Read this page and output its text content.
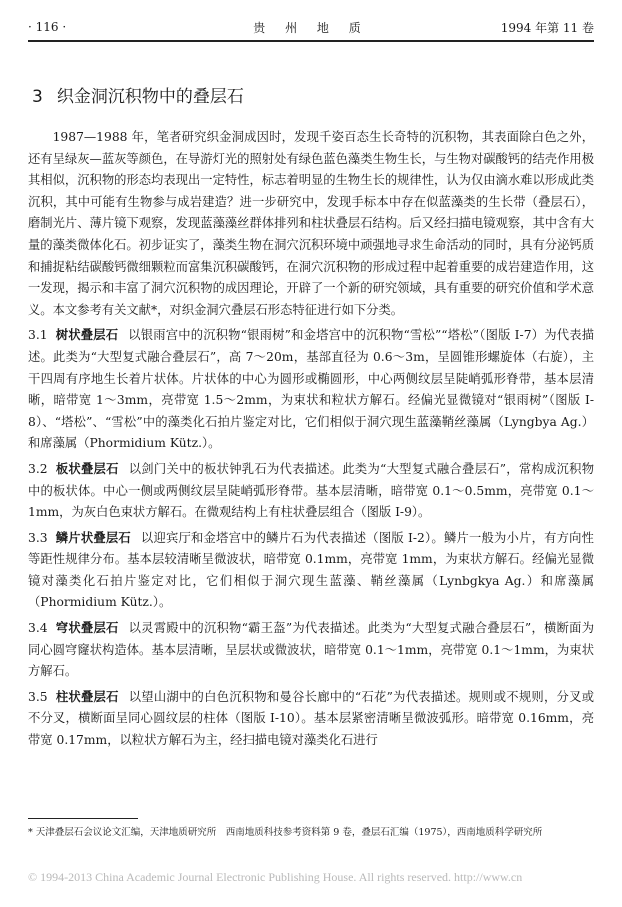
· 116 ·	贵 州 地 质	1994 年第 11 卷
3 织金洞沉积物中的叠层石

1987—1988 年，笔者研究织金洞成因时，发现千姿百态生长奇特的沉积物，其表面除白色之外，还有呈绿灰—蓝灰等颜色，在导游灯光的照射处有绿色蓝色藻类生物生长，与生物对碳酸钙的结壳作用极其相似，沉积物的形态均表现出一定特性，标志着明显的生物生长的规律性，认为仅由滴水难以形成此类沉积，其中可能有生物参与成岩建造？进一步研究中，发现手标本中存在似蓝藻类的生长带（叠层石），磨制光片、薄片镜下观察，发现蓝藻藻丝群体排列和柱状叠层石结构。后又经扫描电镜观察，其中含有大量的藻类微体化石。初步证实了，藻类生物在洞穴沉积环境中顽强地寻求生命活动的同时，具有分泌钙质和捕捉粘结碳酸钙微细颗粒而富集沉积碳酸钙，在洞穴沉积物的形成过程中起着重要的成岩建造作用，这一发现，揭示和丰富了洞穴沉积物的成因理论，开辟了一个新的研究领域，具有重要的研究价值和学术意义。本文参考有关文献*，对织金洞穴叠层石形态特征进行如下分类。

3.1 树状叠层石 以银雨宫中的沉积物“银雨树”和金塔宫中的沉积物“雪松”“塔松”（图版 I-7）为代表描述。此类为“大型复式融合叠层石”，高 7～20m，基部直径为 0.6～3m，呈圆锥形螺旋体（右旋），主干四周有序地生长着片状体。片状体的中心为圆形或椭圆形，中心两侧纹层呈陡峭弧形脊带，基本层清晰，暗带宽 1～3mm，亮带宽 1.5～2mm，为束状和粒状方解石。经偏光显微镜对“银雨树”（图版 I-8）、“塔松”、“雪松”中的藻类化石拍片鉴定对比，它们相似于洞穴现生蓝藻鞘丝藻属（Lyngbya Ag.）和席藻属（Phormidium Kütz.）。

3.2 板状叠层石 以剑门关中的板状钟乳石为代表描述。此类为“大型复式融合叠层石”，常构成沉积物中的板状体。中心一侧或两侧纹层呈陡峭弧形脊带。基本层清晰，暗带宽 0.1～0.5mm，亮带宽 0.1～1mm，为灰白色束状方解石。在微观结构上有柱状叠层组合（图版 I-9）。

3.3 鳞片状叠层石 以迎宾厅和金塔宫中的鳞片石为代表描述（图版 I-2）。鳞片一般为小片，有方向性等距性规律分布。基本层较清晰呈微波状，暗带宽 0.1mm，亮带宽 1mm，为束状方解石。经偏光显微镜对藻类化石拍片鉴定对比，它们相似于洞穴现生蓝藻、鞘丝藻属（Lynbgkya Ag.）和席藻属（Phormidium Kütz.）。

3.4 穹状叠层石 以灵霄殿中的沉积物“霸王盔”为代表描述。此类为“大型复式融合叠层石”，横断面为同心圆穹窿状构造体。基本层清晰，呈层状或微波状，暗带宽 0.1～1mm，亮带宽 0.1～1mm，为束状方解石。

3.5 柱状叠层石 以望山湖中的白色沉积物和曼谷长廊中的“石花”为代表描述。规则或不规则，分叉或不分叉，横断面呈同心圆纹层的柱体（图版 I-10）。基本层紧密清晰呈微波弧形。暗带宽 0.16mm，亮带宽 0.17mm，以粒状方解石为主，经扫描电镜对藻类化石进行

* 天津叠层石会议论文汇编，天津地质研究所　西南地质科技参考资料第 9 卷，叠层石汇编（1975），西南地质科学研究所
© 1994-2013 China Academic Journal Electronic Publishing House. All rights reserved. http://www.cn
